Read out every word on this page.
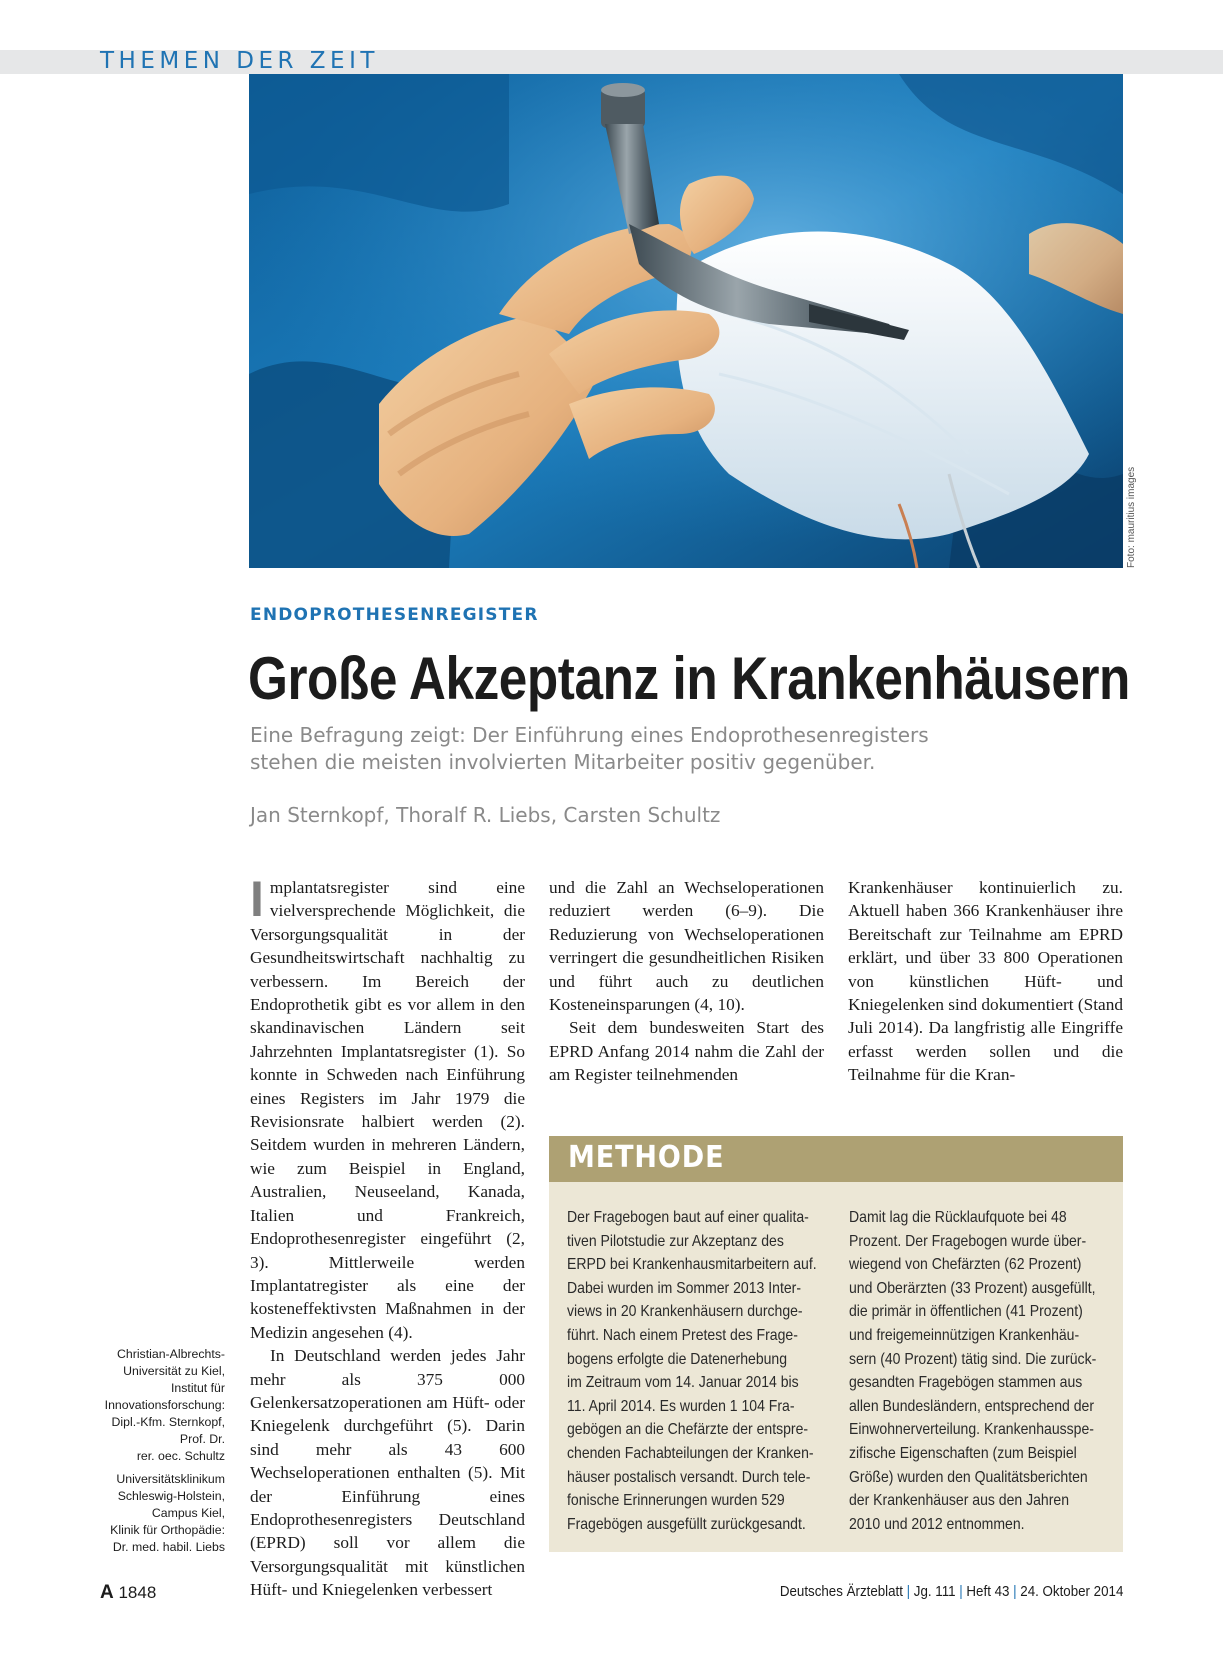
THEMEN DER ZEIT
Foto: mauritius images
ENDOPROTHESENREGISTER
Große Akzeptanz in Krankenhäusern
Eine Befragung zeigt: Der Einführung eines Endoprothesenregisters
stehen die meisten involvierten Mitarbeiter positiv gegenüber.
Jan Sternkopf, Thoralf R. Liebs, Carsten Schultz

Implantatsregister sind eine vielversprechende Möglichkeit, die Versorgungsqualität in der Gesundheitswirtschaft nachhaltig zu verbessern. Im Bereich der Endoprothetik gibt es vor allem in den skandinavischen Ländern seit Jahrzehnten Implantatsregister (1). So konnte in Schweden nach Einführung eines Registers im Jahr 1979 die Revisionsrate halbiert werden (2). Seitdem wurden in mehreren Ländern, wie zum Beispiel in England, Australien, Neuseeland, Kanada, Italien und Frankreich, Endoprothesenregister eingeführt (2, 3). Mittlerweile werden Implantatregister als eine der kosteneffektivsten Maßnahmen in der Medizin angesehen (4).

In Deutschland werden jedes Jahr mehr als 375 000 Gelenkersatzoperationen am Hüft- oder Kniegelenk durchgeführt (5). Darin sind mehr als 43 600 Wechseloperationen enthalten (5). Mit der Einführung eines Endoprothesenregisters Deutschland (EPRD) soll vor allem die Versorgungsqualität mit künstlichen Hüft- und Kniegelenken verbessert

und die Zahl an Wechseloperationen reduziert werden (6–9). Die Reduzierung von Wechseloperationen verringert die gesundheitlichen Risiken und führt auch zu deutlichen Kosteneinsparungen (4, 10).

Seit dem bundesweiten Start des EPRD Anfang 2014 nahm die Zahl der am Register teilnehmenden

Krankenhäuser kontinuierlich zu. Aktuell haben 366 Krankenhäuser ihre Bereitschaft zur Teilnahme am EPRD erklärt, und über 33 800 Operationen von künstlichen Hüft- und Kniegelenken sind dokumentiert (Stand Juli 2014). Da langfristig alle Eingriffe erfasst werden sollen und die Teilnahme für die Kran-

Christian-Albrechts-
Universität zu Kiel,
Institut für
Innovationsforschung:
Dipl.-Kfm. Sternkopf,
Prof. Dr.
rer. oec. Schultz
Universitätsklinikum
Schleswig-Holstein,
Campus Kiel,
Klinik für Orthopädie:
Dr. med. habil. Liebs
METHODE
Der Fragebogen baut auf einer qualita-
tiven Pilotstudie zur Akzeptanz des
ERPD bei Krankenhausmitarbeitern auf.
Dabei wurden im Sommer 2013 Inter-
views in 20 Krankenhäusern durchge-
führt. Nach einem Pretest des Frage-
bogens erfolgte die Datenerhebung
im Zeitraum vom 14. Januar 2014 bis
11. April 2014. Es wurden 1 104 Fra-
gebögen an die Chefärzte der entspre-
chenden Fachabteilungen der Kranken-
häuser postalisch versandt. Durch tele-
fonische Erinnerungen wurden 529
Fragebögen ausgefüllt zurückgesandt.
Damit lag die Rücklaufquote bei 48
Prozent. Der Fragebogen wurde über-
wiegend von Chefärzten (62 Prozent)
und Oberärzten (33 Prozent) ausgefüllt,
die primär in öffentlichen (41 Prozent)
und freigemeinnützigen Krankenhäu-
sern (40 Prozent) tätig sind. Die zurück-
gesandten Fragebögen stammen aus
allen Bundesländern, entsprechend der
Einwohnerverteilung. Krankenhausspe-
zifische Eigenschaften (zum Beispiel
Größe) wurden den Qualitätsberichten
der Krankenhäuser aus den Jahren
2010 und 2012 entnommen.
A 1848	Deutsches Ärzteblatt | Jg. 111 | Heft 43 | 24. Oktober 2014
